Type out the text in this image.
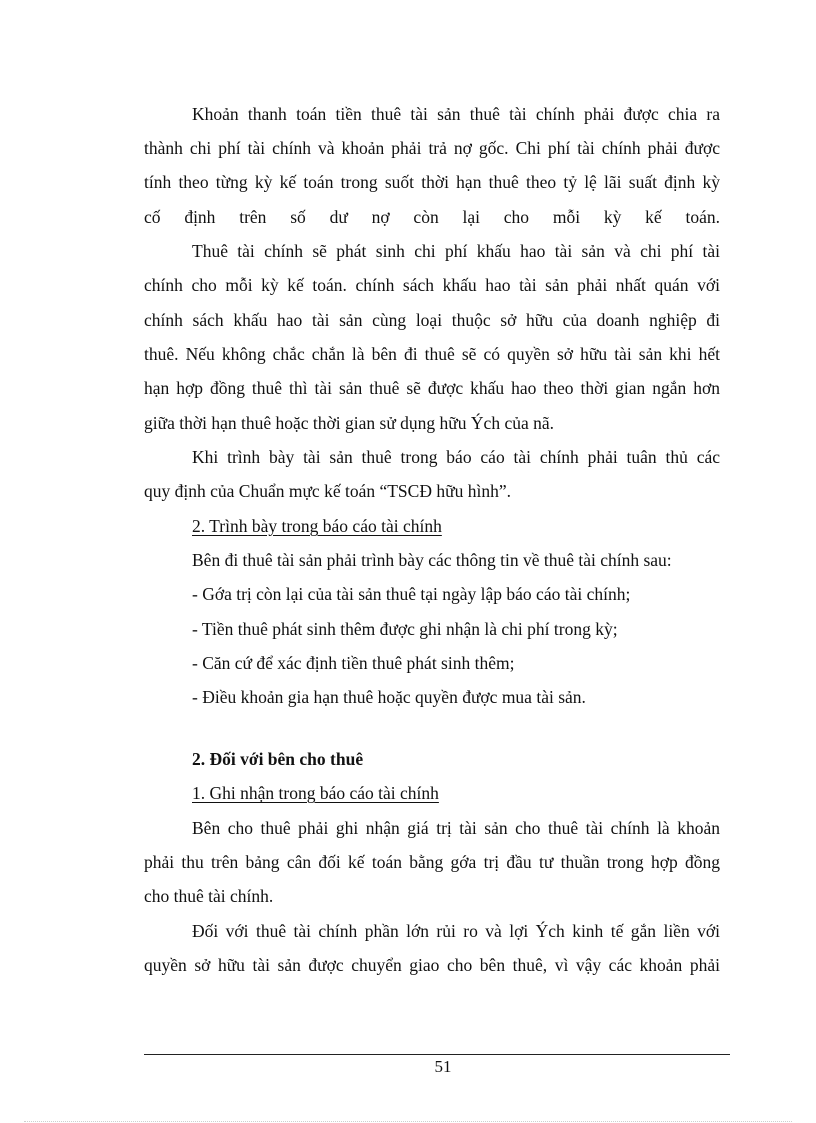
Khoản thanh toán tiền thuê tài sản thuê tài chính phải được chia ra
thành chi phí tài chính và khoản phải trả nợ gốc. Chi phí tài chính phải được
tính theo từng kỳ kế toán trong suốt thời hạn thuê theo tỷ lệ lãi suất định kỳ
cố định trên số dư nợ còn lại cho mỗi kỳ kế toán.
Thuê tài chính sẽ phát sinh chi phí khấu hao tài sản và chi phí tài
chính cho mỗi kỳ kế toán. chính sách khấu hao tài sản phải nhất quán với
chính sách khấu hao tài sản cùng loại thuộc sở hữu của doanh nghiệp đi
thuê. Nếu không chắc chắn là bên đi thuê sẽ có quyền sở hữu tài sản khi hết
hạn hợp đồng thuê thì tài sản thuê sẽ được khấu hao theo thời gian ngắn hơn
giữa thời hạn thuê hoặc thời gian sử dụng hữu Ých của nã.
Khi trình bày tài sản thuê trong báo cáo tài chính phải tuân thủ các
quy định của Chuẩn mực kế toán “TSCĐ hữu hình”.
2. Trình bày trong báo cáo tài chính
Bên đi thuê tài sản phải trình bày các thông tin về thuê tài chính sau:
- Gớa trị còn lại của tài sản thuê tại ngày lập báo cáo tài chính;
- Tiền thuê phát sinh thêm được ghi nhận là chi phí trong kỳ;
- Căn cứ để xác định tiền thuê phát sinh thêm;
- Điều khoản gia hạn thuê hoặc quyền được mua tài sản.
2. Đối với bên cho thuê
1. Ghi nhận trong báo cáo tài chính
Bên cho thuê phải ghi nhận giá trị tài sản cho thuê tài chính là khoản
phải thu trên bảng cân đối kế toán bằng gớa trị đầu tư thuần trong hợp đồng
cho thuê tài chính.
Đối với thuê tài chính phần lớn rủi ro và lợi Ých kinh tế gắn liền với
quyền sở hữu tài sản được chuyển giao cho bên thuê, vì vậy các khoản phải
51
